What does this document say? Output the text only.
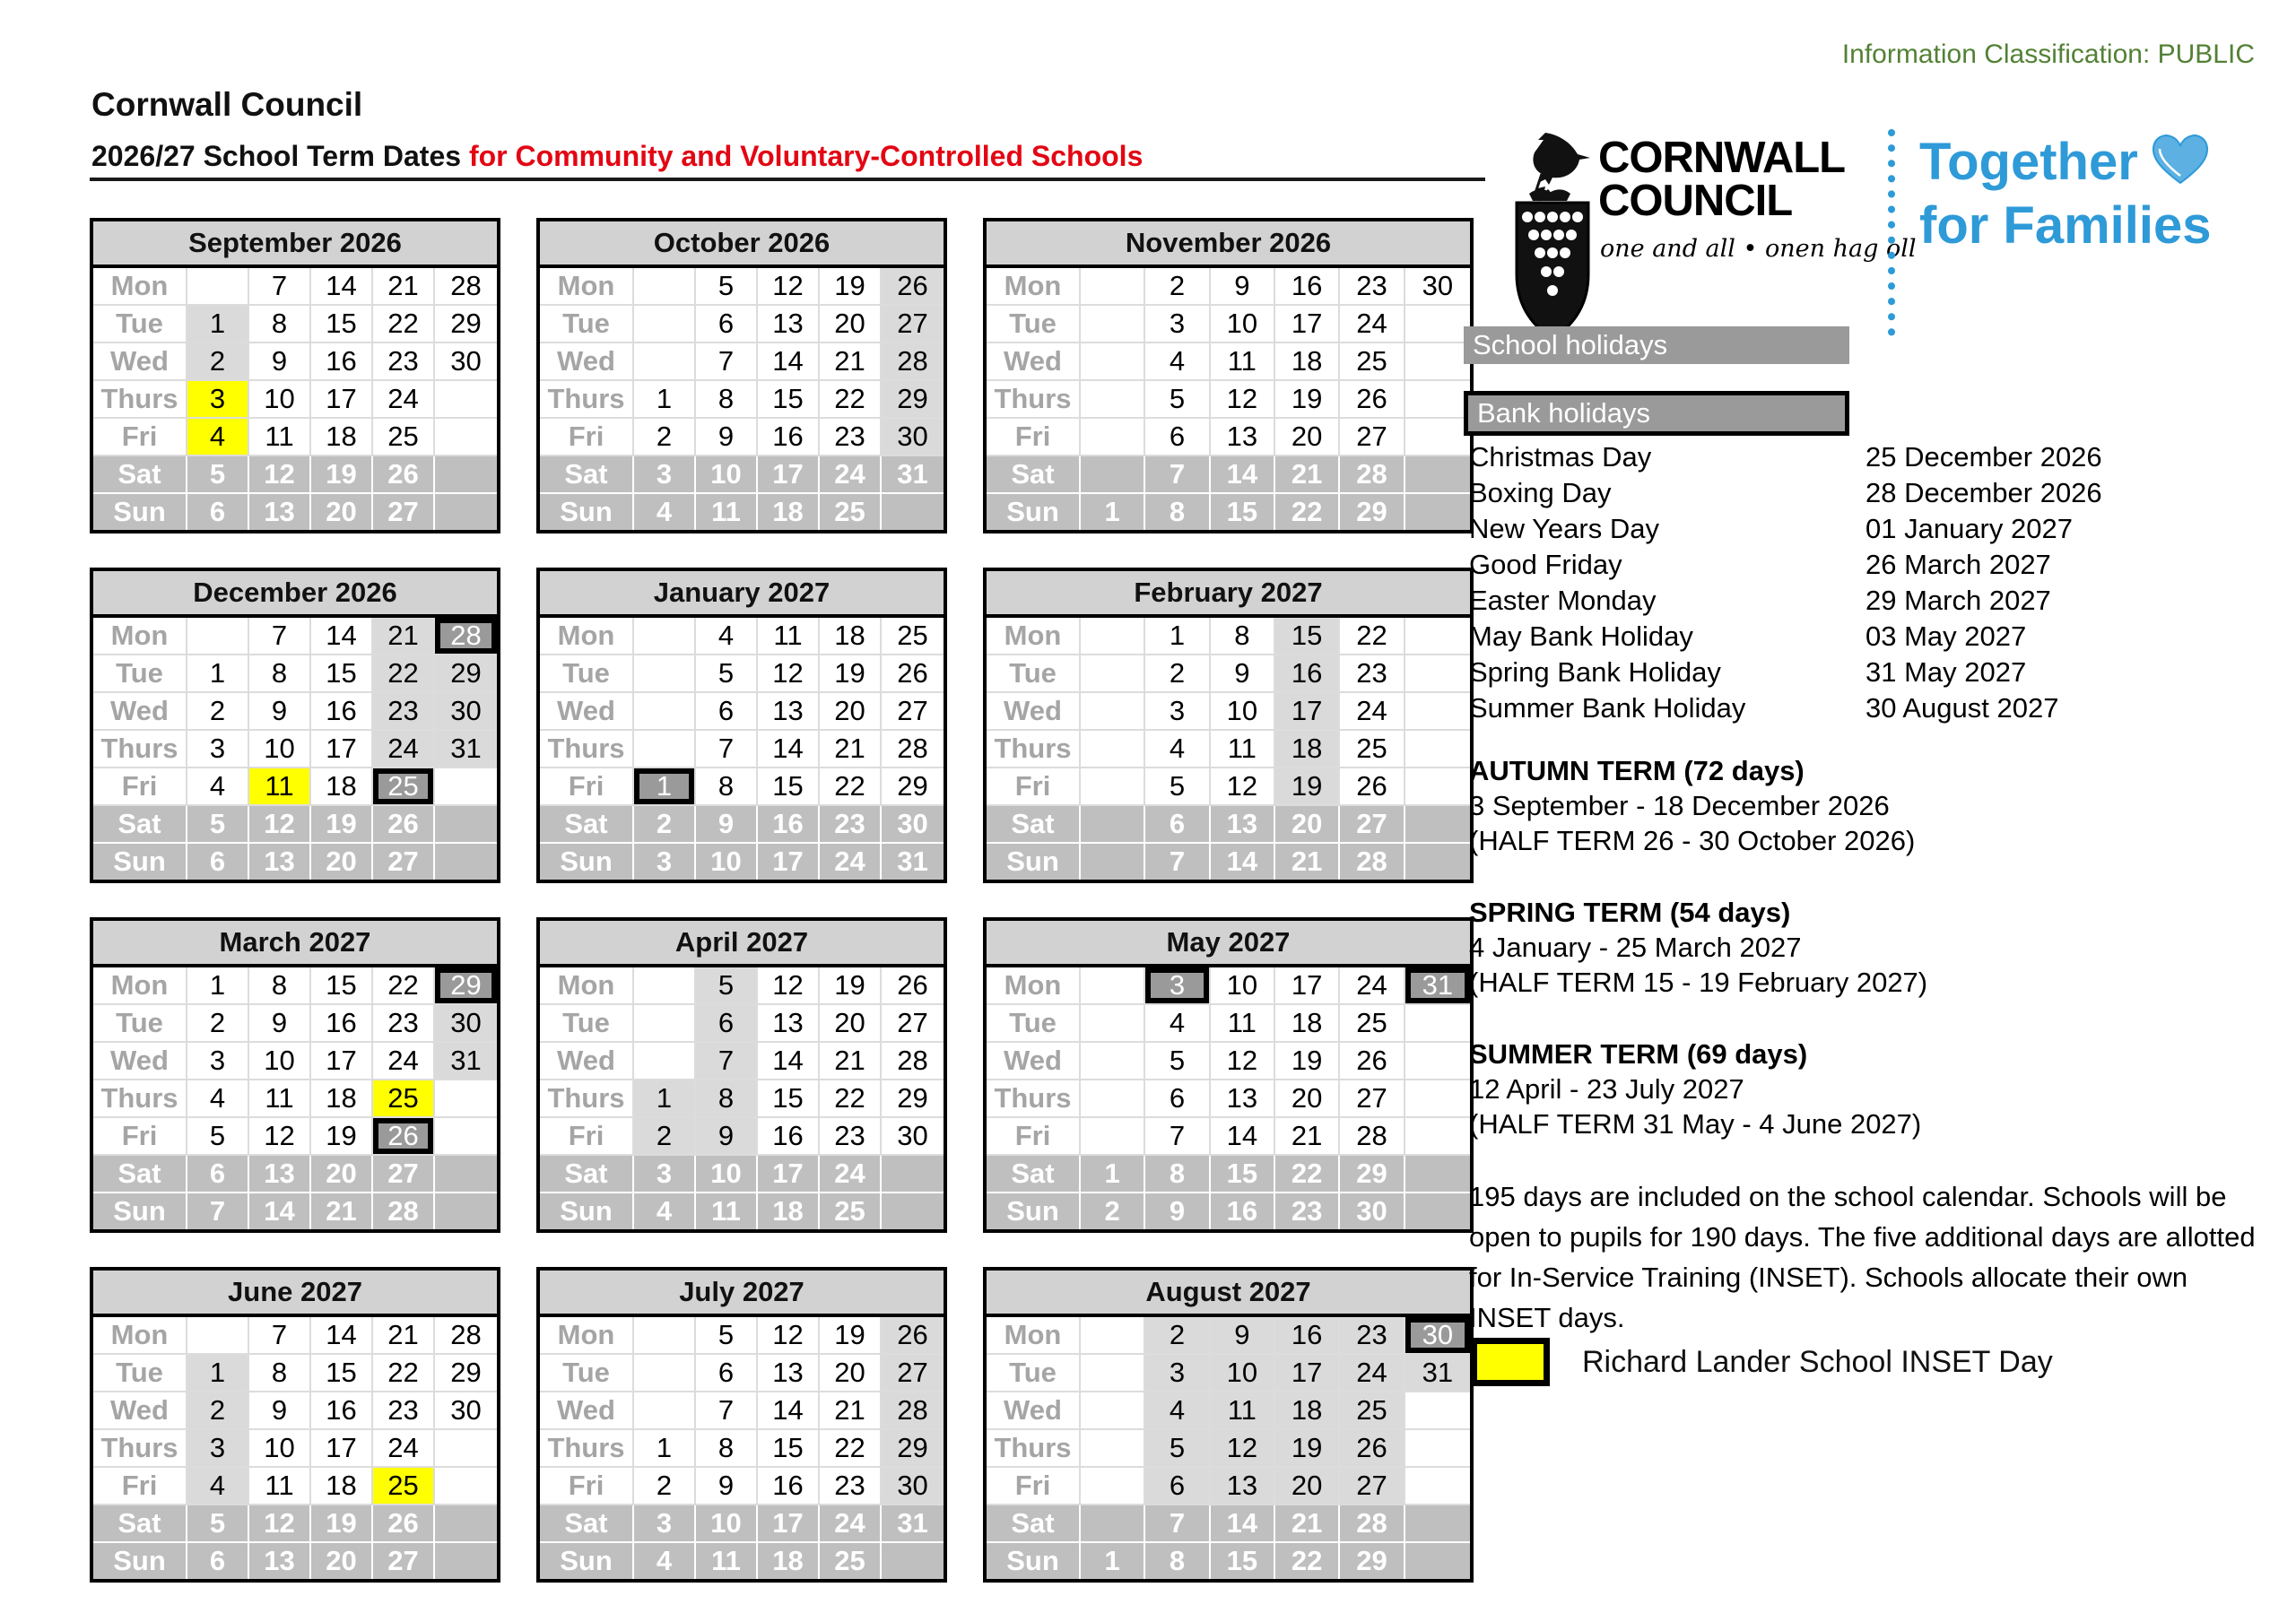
Information Classification: PUBLIC
Cornwall Council
2026/27 School Term Dates for Community and Voluntary-Controlled Schools
September 2026					
Mon		7	14	21	28
Tue	1	8	15	22	29
Wed	2	9	16	23	30
Thurs	3	10	17	24	
Fri	4	11	18	25	
Sat	5	12	19	26	
Sun	6	13	20	27	
October 2026					
Mon		5	12	19	26
Tue		6	13	20	27
Wed		7	14	21	28
Thurs	1	8	15	22	29
Fri	2	9	16	23	30
Sat	3	10	17	24	31
Sun	4	11	18	25	
November 2026						
Mon		2	9	16	23	30
Tue		3	10	17	24	
Wed		4	11	18	25	
Thurs		5	12	19	26	
Fri		6	13	20	27	
Sat		7	14	21	28	
Sun	1	8	15	22	29	
December 2026					
Mon		7	14	21	28
Tue	1	8	15	22	29
Wed	2	9	16	23	30
Thurs	3	10	17	24	31
Fri	4	11	18	25	
Sat	5	12	19	26	
Sun	6	13	20	27	
January 2027					
Mon		4	11	18	25
Tue		5	12	19	26
Wed		6	13	20	27
Thurs		7	14	21	28
Fri	1	8	15	22	29
Sat	2	9	16	23	30
Sun	3	10	17	24	31
February 2027						
Mon		1	8	15	22	
Tue		2	9	16	23	
Wed		3	10	17	24	
Thurs		4	11	18	25	
Fri		5	12	19	26	
Sat		6	13	20	27	
Sun		7	14	21	28	
March 2027					
Mon	1	8	15	22	29
Tue	2	9	16	23	30
Wed	3	10	17	24	31
Thurs	4	11	18	25	
Fri	5	12	19	26	
Sat	6	13	20	27	
Sun	7	14	21	28	
April 2027					
Mon		5	12	19	26
Tue		6	13	20	27
Wed		7	14	21	28
Thurs	1	8	15	22	29
Fri	2	9	16	23	30
Sat	3	10	17	24	
Sun	4	11	18	25	
May 2027						
Mon		3	10	17	24	31
Tue		4	11	18	25	
Wed		5	12	19	26	
Thurs		6	13	20	27	
Fri		7	14	21	28	
Sat	1	8	15	22	29	
Sun	2	9	16	23	30	
June 2027					
Mon		7	14	21	28
Tue	1	8	15	22	29
Wed	2	9	16	23	30
Thurs	3	10	17	24	
Fri	4	11	18	25	
Sat	5	12	19	26	
Sun	6	13	20	27	
July 2027					
Mon		5	12	19	26
Tue		6	13	20	27
Wed		7	14	21	28
Thurs	1	8	15	22	29
Fri	2	9	16	23	30
Sat	3	10	17	24	31
Sun	4	11	18	25	
August 2027						
Mon		2	9	16	23	30
Tue		3	10	17	24	31
Wed		4	11	18	25	
Thurs		5	12	19	26	
Fri		6	13	20	27	
Sat		7	14	21	28	
Sun	1	8	15	22	29	
CORNWALL
COUNCIL
one and all • onen hag oll
Together
for Families
School holidays
Bank holidays
Christmas Day	25 December 2026
Boxing Day	28 December 2026
New Years Day	01 January 2027
Good Friday	26 March 2027
Easter Monday	29 March 2027
May Bank Holiday	03 May 2027
Spring Bank Holiday	31 May 2027
Summer Bank Holiday	30 August 2027
AUTUMN TERM (72 days)
3 September - 18 December 2026
(HALF TERM 26 - 30 October 2026)
SPRING TERM (54 days)
4 January - 25 March 2027
(HALF TERM 15 - 19 February 2027)
SUMMER TERM (69 days)
12 April - 23 July 2027
(HALF TERM 31 May - 4 June 2027)
195 days are included on the school calendar. Schools will be open to pupils for 190 days. The five additional days are allotted for In-Service Training (INSET). Schools allocate their own INSET days.
Richard Lander School INSET Day
